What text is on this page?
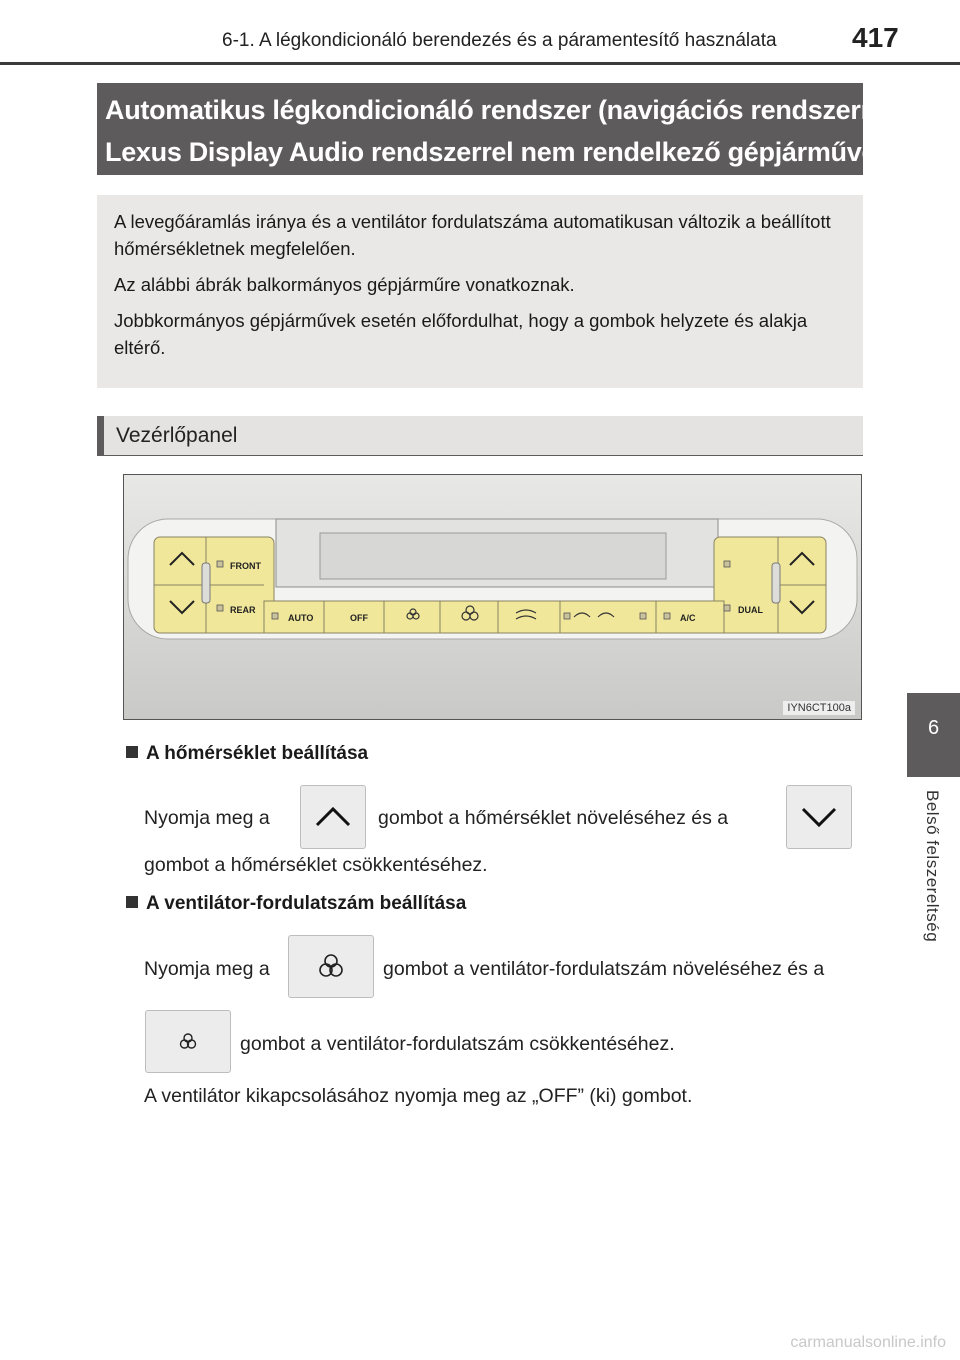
6-1. A légkondicionáló berendezés és a páramentesítő használata	417
6
Belső felszereltség
Automatikus légkondicionáló rendszer (navigációs rendszerrel vagy
Lexus Display Audio rendszerrel nem rendelkező gépjárművek)

A levegőáramlás iránya és a ventilátor fordulatszáma automatikusan változik a beállított hőmérsékletnek megfelelően.

Az alábbi ábrák balkormányos gépjárműre vonatkoznak.

Jobbkormányos gépjárművek esetén előfordulhat, hogy a gombok helyzete és alakja eltérő.

Vezérlőpanel
FRONT
REAR
AUTO	OFF	A/C
DUAL
IYN6CT100a
A hőmérséklet beállítása
Nyomja meg a	gombot a hőmérséklet növeléséhez és a
gombot a hőmérséklet csökkentéséhez.
A ventilátor-fordulatszám beállítása
Nyomja meg a	gombot a ventilátor-fordulatszám növeléséhez és a
gombot a ventilátor-fordulatszám csökkentéséhez.
A ventilátor kikapcsolásához nyomja meg az „OFF” (ki) gombot.
carmanualsonline.info
